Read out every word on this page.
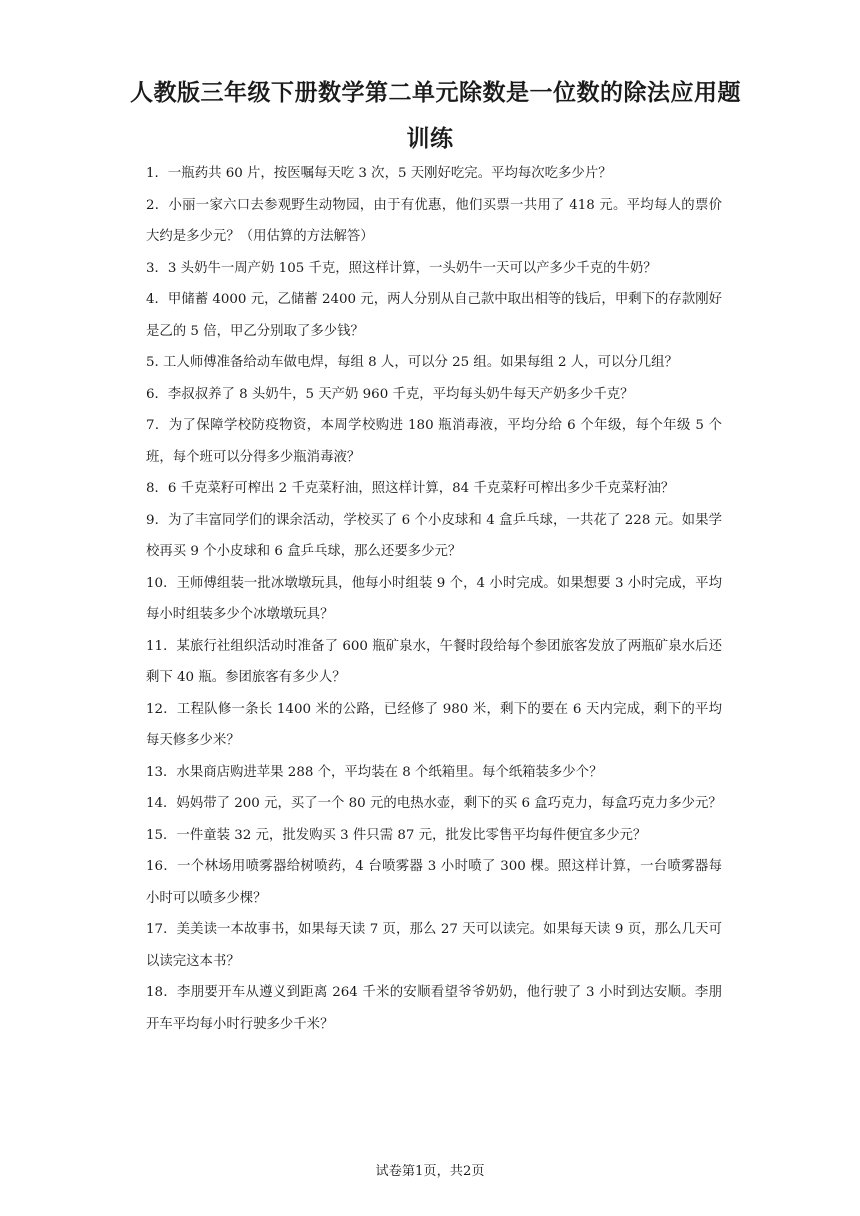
人教版三年级下册数学第二单元除数是一位数的除法应用题
训练

1．一瓶药共 60 片，按医嘱每天吃 3 次，5 天刚好吃完。平均每次吃多少片？

2．小丽一家六口去参观野生动物园，由于有优惠，他们买票一共用了 418 元。平均每人的票价大约是多少元？（用估算的方法解答）

3．3 头奶牛一周产奶 105 千克，照这样计算，一头奶牛一天可以产多少千克的牛奶？

4．甲储蓄 4000 元，乙储蓄 2400 元，两人分别从自己款中取出相等的钱后，甲剩下的存款刚好是乙的 5 倍，甲乙分别取了多少钱？

5. 工人师傅准备给动车做电焊，每组 8 人，可以分 25 组。如果每组 2 人，可以分几组？

6．李叔叔养了 8 头奶牛，5 天产奶 960 千克，平均每头奶牛每天产奶多少千克？

7．为了保障学校防疫物资，本周学校购进 180 瓶消毒液，平均分给 6 个年级，每个年级 5 个班，每个班可以分得多少瓶消毒液？

8．6 千克菜籽可榨出 2 千克菜籽油，照这样计算，84 千克菜籽可榨出多少千克菜籽油？

9．为了丰富同学们的课余活动，学校买了 6 个小皮球和 4 盒乒乓球，一共花了 228 元。如果学校再买 9 个小皮球和 6 盒乒乓球，那么还要多少元？

10．王师傅组装一批冰墩墩玩具，他每小时组装 9 个，4 小时完成。如果想要 3 小时完成，平均每小时组装多少个冰墩墩玩具？

11．某旅行社组织活动时准备了 600 瓶矿泉水，午餐时段给每个参团旅客发放了两瓶矿泉水后还剩下 40 瓶。参团旅客有多少人？

12．工程队修一条长 1400 米的公路，已经修了 980 米，剩下的要在 6 天内完成，剩下的平均每天修多少米？

13．水果商店购进苹果 288 个，平均装在 8 个纸箱里。每个纸箱装多少个？

14．妈妈带了 200 元，买了一个 80 元的电热水壶，剩下的买 6 盒巧克力，每盒巧克力多少元？

15．一件童装 32 元，批发购买 3 件只需 87 元，批发比零售平均每件便宜多少元？

16．一个林场用喷雾器给树喷药，4 台喷雾器 3 小时喷了 300 棵。照这样计算，一台喷雾器每小时可以喷多少棵？

17．美美读一本故事书，如果每天读 7 页，那么 27 天可以读完。如果每天读 9 页，那么几天可以读完这本书？

18．李朋要开车从遵义到距离 264 千米的安顺看望爷爷奶奶，他行驶了 3 小时到达安顺。李朋开车平均每小时行驶多少千米？

试卷第1页，共2页
